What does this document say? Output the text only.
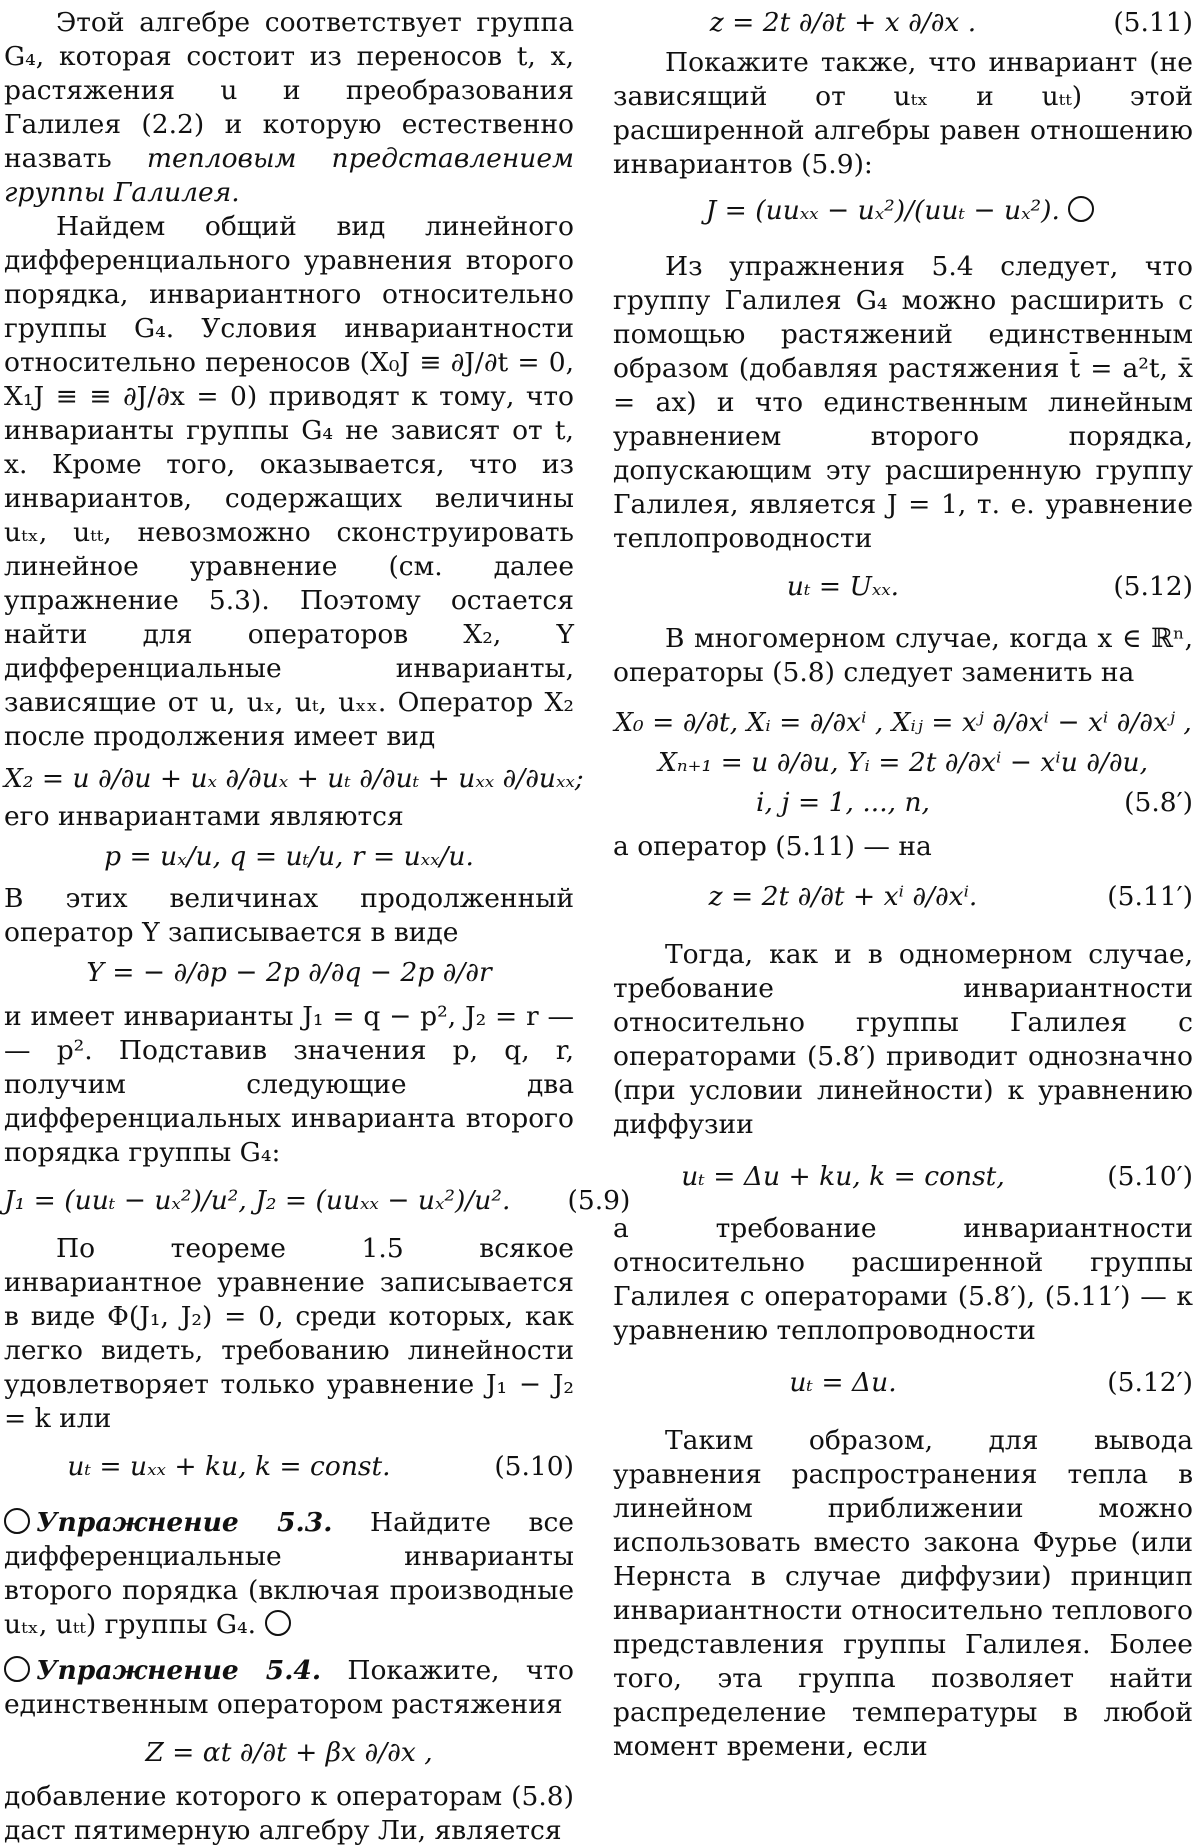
Этой алгебре соответствует группа G₄, которая состоит из переносов t, x, растяжения u и преобразования Галилея (2.2) и которую естественно назвать тепловым представлением группы Галилея.

Найдем общий вид линейного дифференциального уравнения второго порядка, инвариантного относительно группы G₄. Условия инвариантности относительно переносов (X₀J ≡ ∂J/∂t = 0, X₁J ≡ ≡ ∂J/∂x = 0) приводят к тому, что инварианты группы G₄ не зависят от t, x. Кроме того, оказывается, что из инвариантов, содержащих величины uₜₓ, uₜₜ, невозможно сконструировать линейное уравнение (см. далее упражнение 5.3). Поэтому остается найти для операторов X₂, Y дифференциальные инварианты, зависящие от u, uₓ, uₜ, uₓₓ. Оператор X₂ после продолжения имеет вид

X₂ = u ∂/∂u + uₓ ∂/∂uₓ + uₜ ∂/∂uₜ + uₓₓ ∂/∂uₓₓ;

его инвариантами являются

p = uₓ/u, q = uₜ/u, r = uₓₓ/u.

В этих величинах продолженный оператор Y записывается в виде

Y = − ∂/∂p − 2p ∂/∂q − 2p ∂/∂r

и имеет инварианты J₁ = q − p², J₂ = r — — p². Подставив значения p, q, r, получим следующие два дифференциальных инварианта второго порядка группы G₄:

J₁ = (uuₜ − uₓ²)/u², J₂ = (uuₓₓ − uₓ²)/u².	(5.9)

По теореме 1.5 всякое инвариантное уравнение записывается в виде Φ(J₁, J₂) = 0, среди которых, как легко видеть, требованию линейности удовлетворяет только уравнение J₁ − J₂ = k или

uₜ = uₓₓ + ku, k = const.	(5.10)

Упражнение 5.3. Найдите все дифференциальные инварианты второго порядка (включая производные uₜₓ, uₜₜ) группы G₄.

Упражнение 5.4. Покажите, что единственным оператором растяжения

Z = αt ∂/∂t + βx ∂/∂x ,

добавление которого к операторам (5.8) даст пятимерную алгебру Ли, является

z = 2t ∂/∂t + x ∂/∂x .	(5.11)

Покажите также, что инвариант (не зависящий от uₜₓ и uₜₜ) этой расширенной алгебры равен отношению инвариантов (5.9):

J = (uuₓₓ − uₓ²)/(uuₜ − uₓ²).

Из упражнения 5.4 следует, что группу Галилея G₄ можно расширить с помощью растяжений единственным образом (добавляя растяжения t̄ = a²t, x̄ = ax) и что единственным линейным уравнением второго порядка, допускающим эту расширенную группу Галилея, является J = 1, т. е. уравнение теплопроводности

uₜ = Uₓₓ.	(5.12)

В многомерном случае, когда x ∈ ℝⁿ, операторы (5.8) следует заменить на

X₀ = ∂/∂t, Xᵢ = ∂/∂xⁱ , Xᵢⱼ = xʲ ∂/∂xⁱ − xⁱ ∂/∂xʲ ,
Xₙ₊₁ = u ∂/∂u, Yᵢ = 2t ∂/∂xⁱ − xⁱu ∂/∂u,
i, j = 1, ..., n,	(5.8′)

а оператор (5.11) — на

z = 2t ∂/∂t + xⁱ ∂/∂xⁱ.	(5.11′)

Тогда, как и в одномерном случае, требование инвариантности относительно группы Галилея с операторами (5.8′) приводит однозначно (при условии линейности) к уравнению диффузии

uₜ = Δu + ku, k = const,	(5.10′)

а требование инвариантности относительно расширенной группы Галилея с операторами (5.8′), (5.11′) — к уравнению теплопроводности

uₜ = Δu.	(5.12′)

Таким образом, для вывода уравнения распространения тепла в линейном приближении можно использовать вместо закона Фурье (или Нернста в случае диффузии) принцип инвариантности относительно теплового представления группы Галилея. Более того, эта группа позволяет найти распределение температуры в любой момент времени, если
